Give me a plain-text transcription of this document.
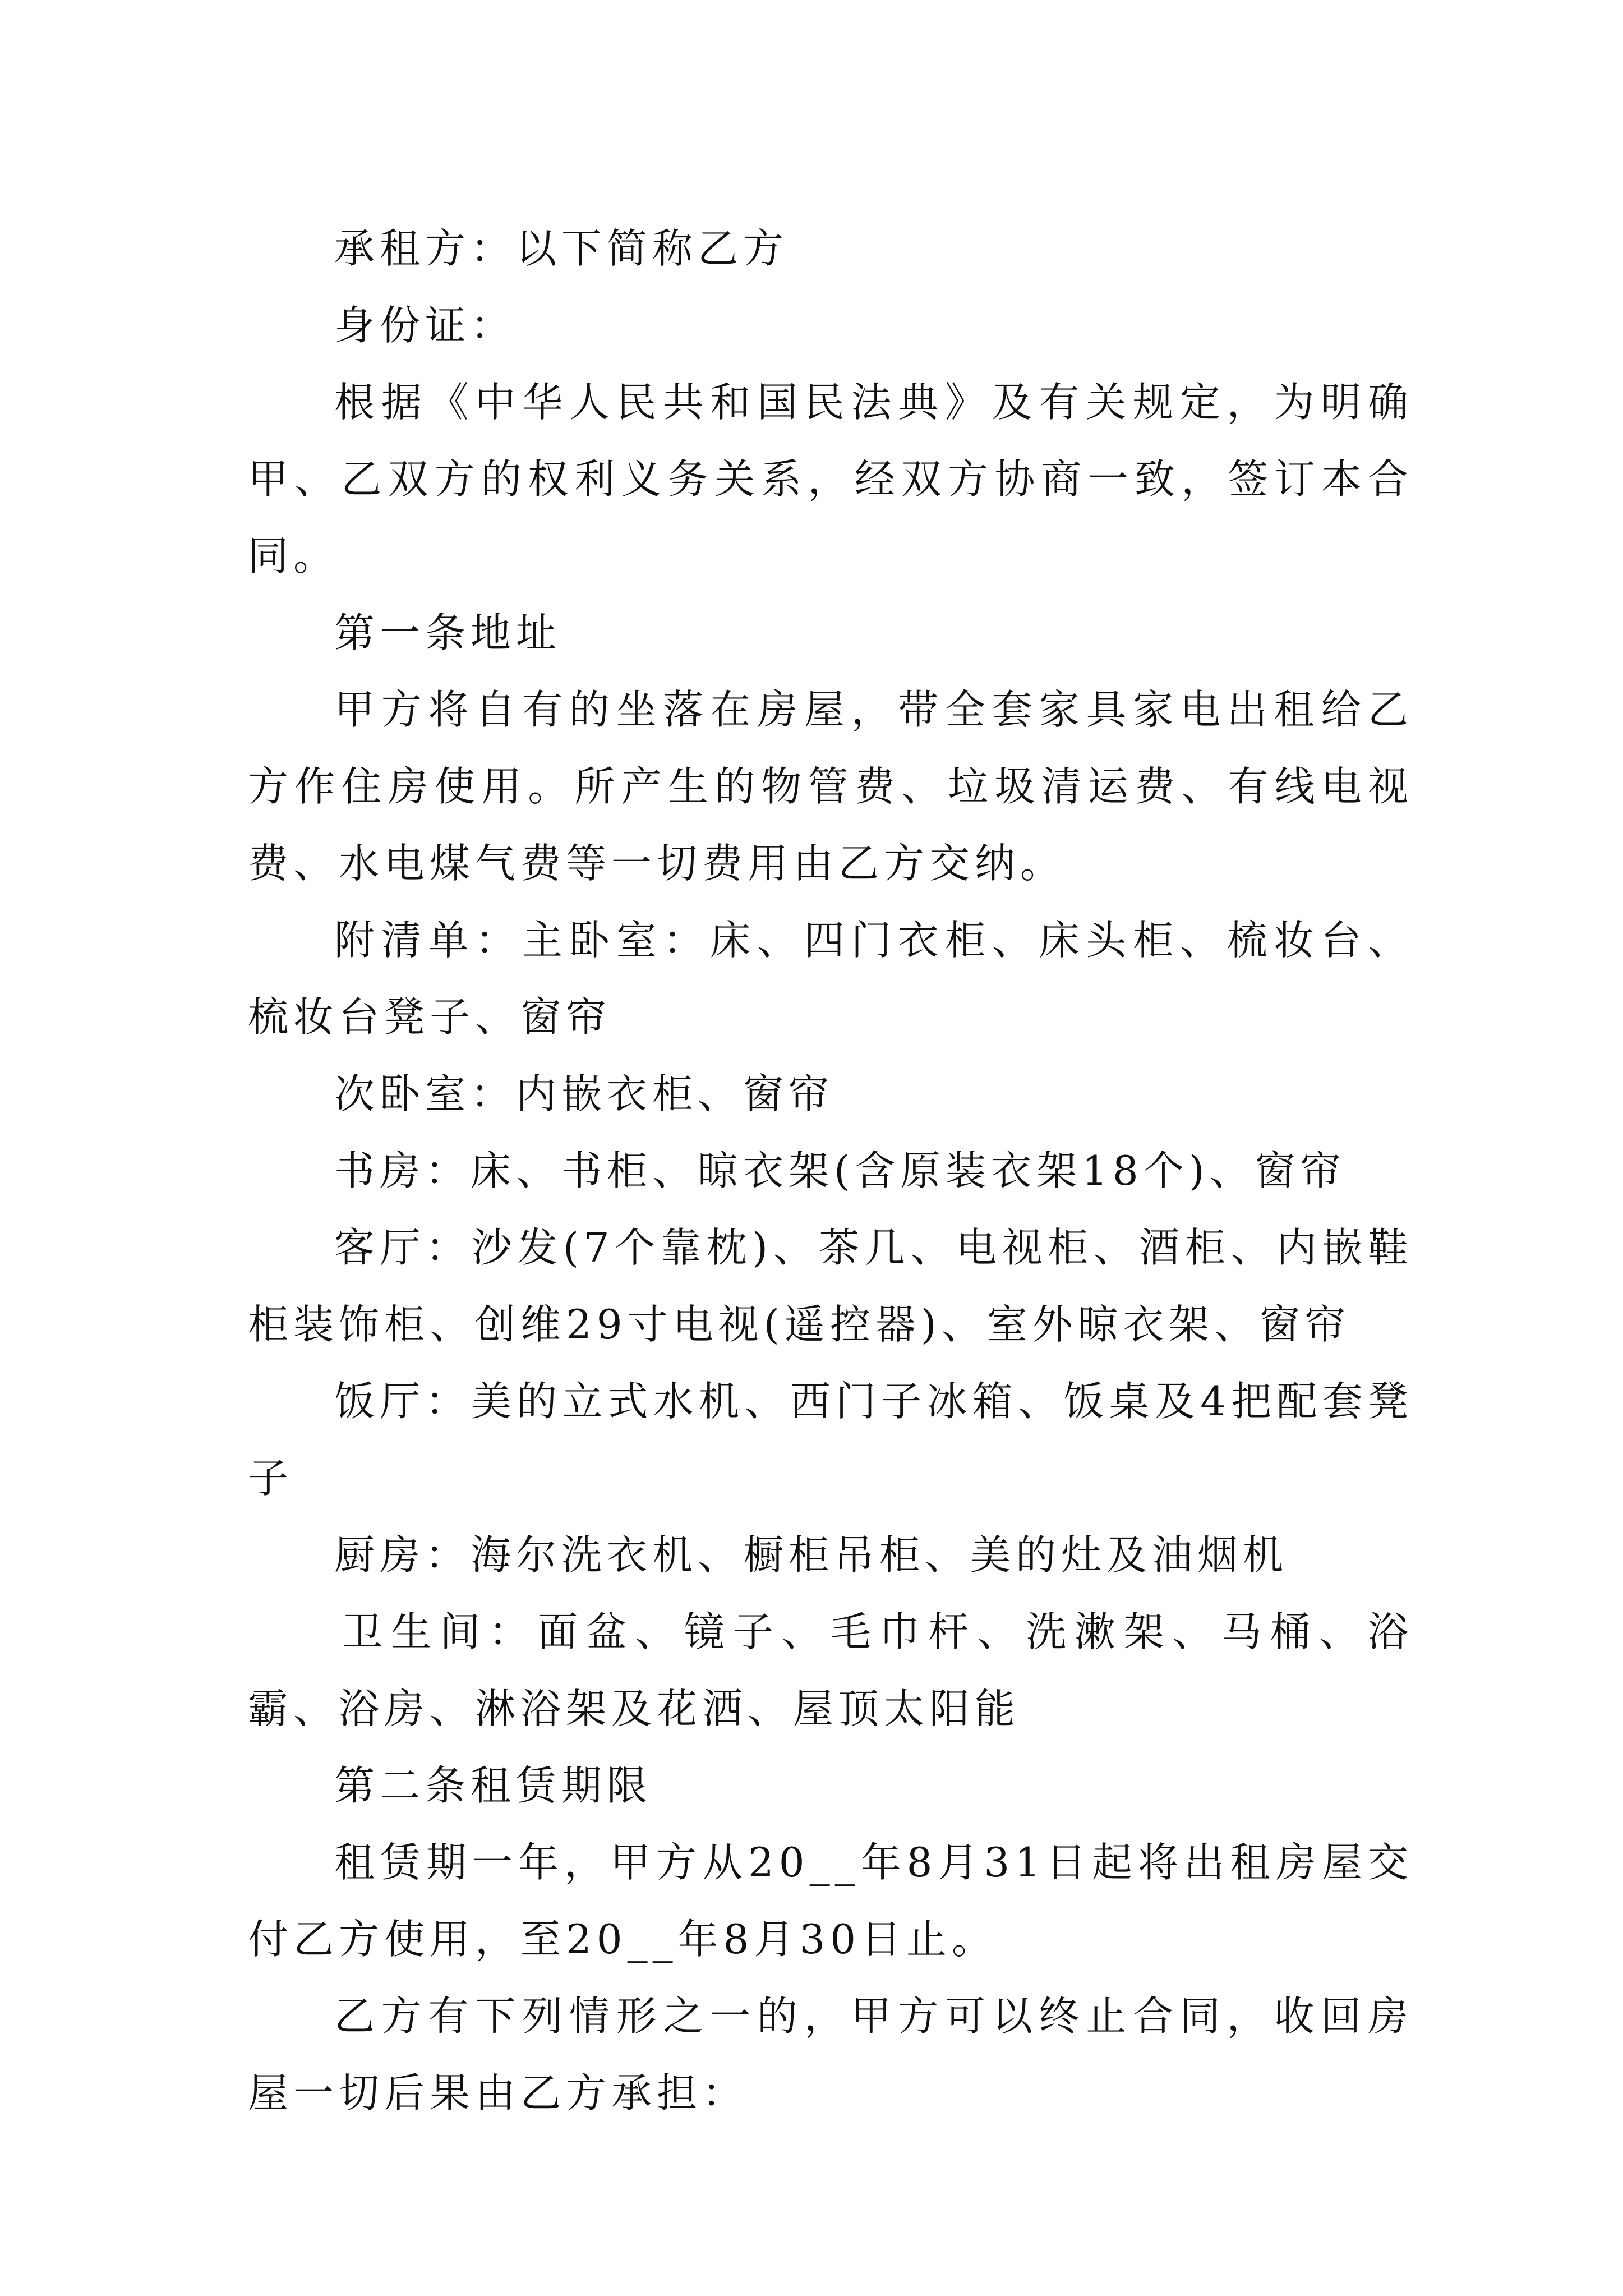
承租方：以下简称乙方

身份证：

根据《中华人民共和国民法典》及有关规定，为明确甲、乙双方的权利义务关系，经双方协商一致，签订本合同。

第一条地址

甲方将自有的坐落在房屋，带全套家具家电出租给乙方作住房使用。所产生的物管费、垃圾清运费、有线电视费、水电煤气费等一切费用由乙方交纳。

附清单：主卧室：床、四门衣柜、床头柜、梳妆台、梳妆台凳子、窗帘

次卧室：内嵌衣柜、窗帘

书房：床、书柜、晾衣架(含原装衣架18个)、窗帘

客厅：沙发(7个靠枕)、茶几、电视柜、酒柜、内嵌鞋柜装饰柜、创维29寸电视(遥控器)、室外晾衣架、窗帘

饭厅：美的立式水机、西门子冰箱、饭桌及4把配套凳子

厨房：海尔洗衣机、橱柜吊柜、美的灶及油烟机

卫生间：面盆、镜子、毛巾杆、洗漱架、马桶、浴霸、浴房、淋浴架及花洒、屋顶太阳能

第二条租赁期限

租赁期一年，甲方从20__年8月31日起将出租房屋交付乙方使用，至20__年8月30日止。

乙方有下列情形之一的，甲方可以终止合同，收回房屋一切后果由乙方承担：
